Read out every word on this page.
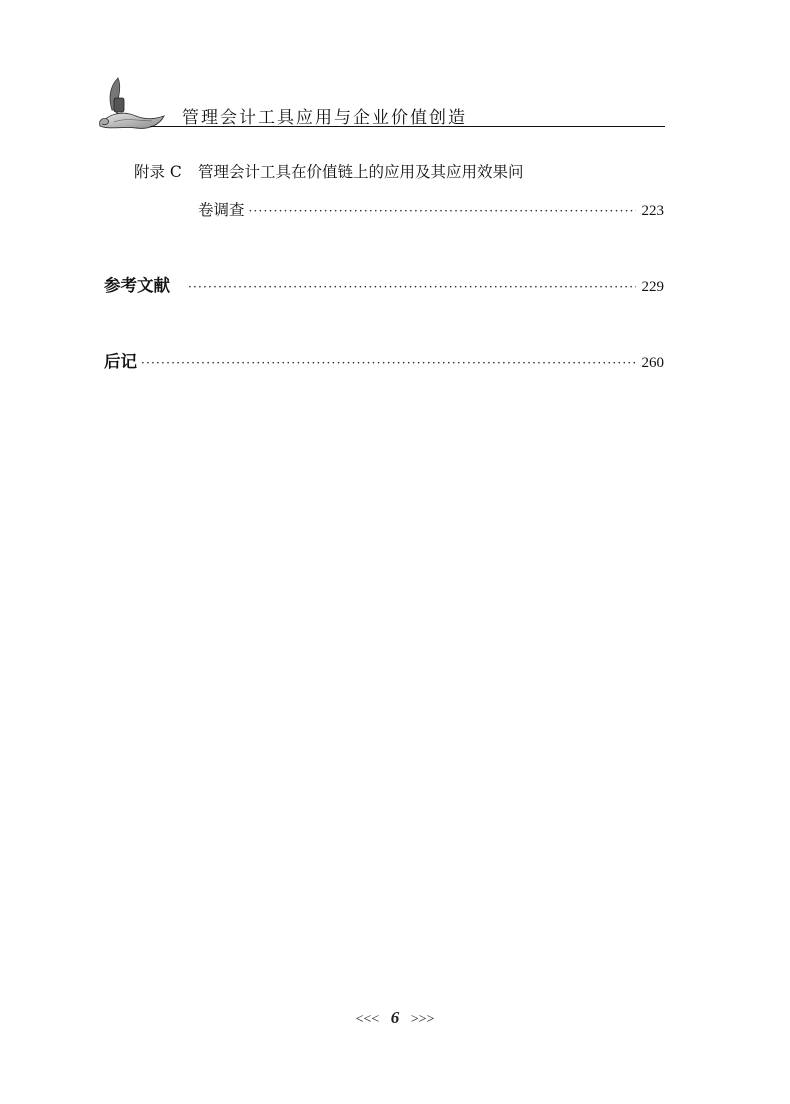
管理会计工具应用与企业价值创造
附录 C 管理会计工具在价值链上的应用及其应用效果问
卷调查 ·····	223
参考文献 ·····	229
后记 ·····	260
<<< 6 >>>
